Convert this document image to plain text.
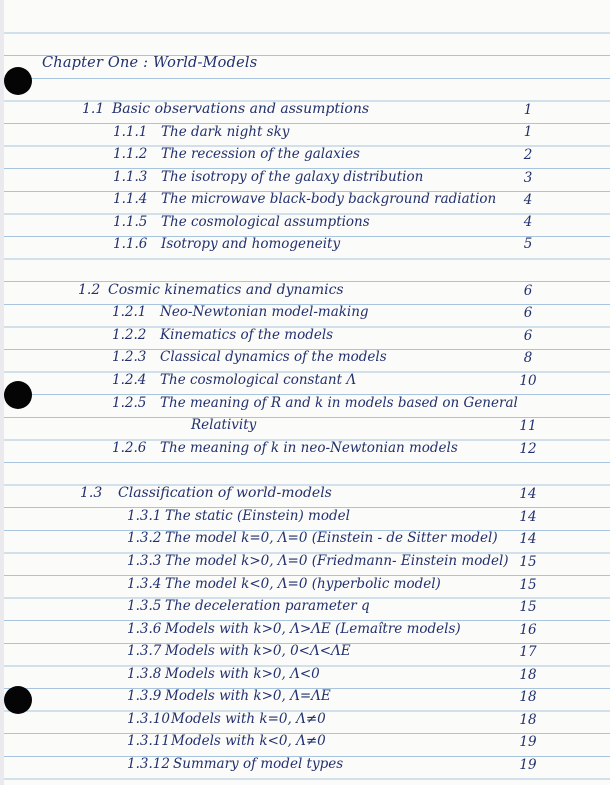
Chapter One : World-Models
1.1 Basic observations and assumptions	1
1.1.1 The dark night sky	1
1.1.2 The recession of the galaxies	2
1.1.3 The isotropy of the galaxy distribution	3
1.1.4 The microwave black-body background radiation	4
1.1.5 The cosmological assumptions	4
1.1.6 Isotropy and homogeneity	5
1.2 Cosmic kinematics and dynamics	6
1.2.1 Neo-Newtonian model-making	6
1.2.2 Kinematics of the models	6
1.2.3 Classical dynamics of the models	8
1.2.4 The cosmological constant Λ	10
1.2.5 The meaning of R and k in models based on General
Relativity	11
1.2.6 The meaning of k in neo-Newtonian models	12
1.3 Classification of world-models	14
1.3.1 The static (Einstein) model	14
1.3.2 The model k=0, Λ=0 (Einstein - de Sitter model)	14
1.3.3 The model k>0, Λ=0 (Friedmann- Einstein model) 15
1.3.4 The model k<0, Λ=0 (hyperbolic model)	15
1.3.5 The deceleration parameter q	15
1.3.6 Models with k>0, Λ>ΛE (Lemaître models)	16
1.3.7 Models with k>0, 0<Λ<ΛE	17
1.3.8 Models with k>0, Λ<0	18
1.3.9 Models with k>0, Λ=ΛE	18
1.3.10 Models with k=0, Λ≠0	18
1.3.11 Models with k<0, Λ≠0	19
1.3.12 Summary of model types	19
